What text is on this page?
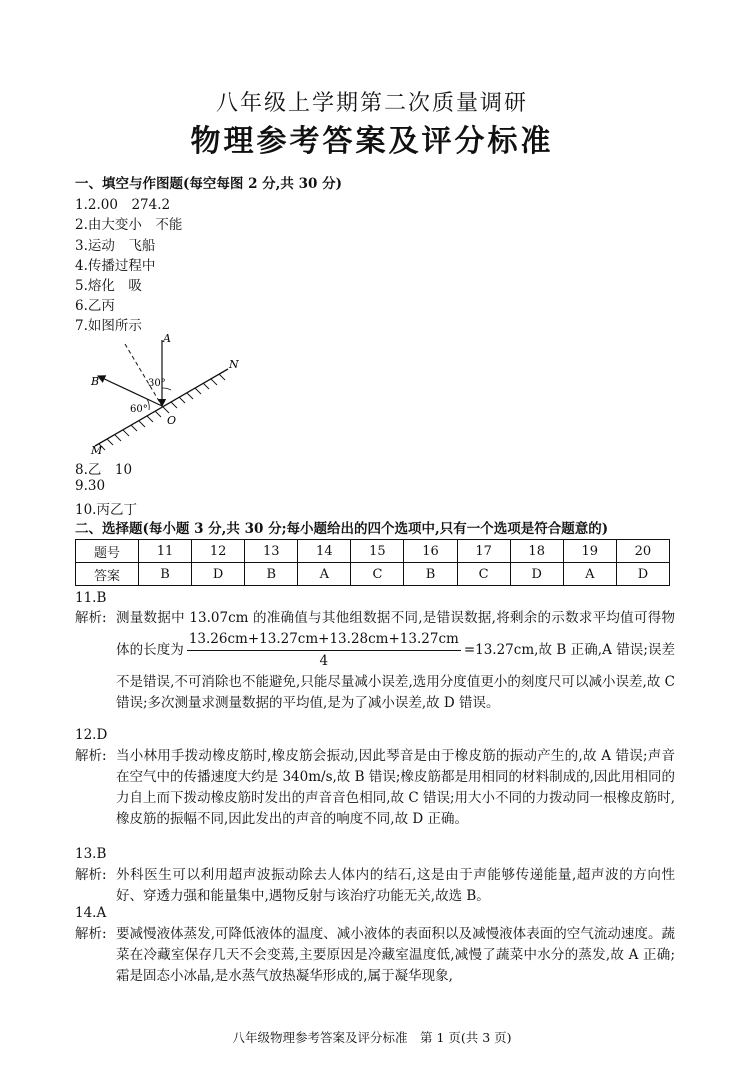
八年级上学期第二次质量调研
物理参考答案及评分标准
一、填空与作图题(每空每图 2 分,共 30 分)
1.2.00　274.2
2.由大变小　不能
3.运动　飞船
4.传播过程中
5.熔化　吸
6.乙丙
7.如图所示
A
B
O
M
N
30°
60°
8.乙　10
9.30
10.丙乙丁
二、选择题(每小题 3 分,共 30 分;每小题给出的四个选项中,只有一个选项是符合题意的)
题号	11	12	13	14	15	16	17	18	19	20
答案	B	D	B	A	C	B	C	D	A	D
11.B
解析: 测量数据中 13.07cm 的准确值与其他组数据不同,是错误数据,将剩余的示数求平均值可得物体的长度为 $\frac{13.26cm+13.27cm+13.28cm+13.27cm}{4} =13.27cm$,故 B 正确,A 错误;误差不是错误,不可消除也不能避免,只能尽量减小误差,选用分度值更小的刻度尺可以减小误差,故 C 错误;多次测量求测量数据的平均值,是为了减小误差,故 D 错误。
12.D
解析: 当小林用手拨动橡皮筋时,橡皮筋会振动,因此琴音是由于橡皮筋的振动产生的,故 A 错误;声音在空气中的传播速度大约是 340m/s,故 B 错误;橡皮筋都是用相同的材料制成的,因此用相同的力自上而下拨动橡皮筋时发出的声音音色相同,故 C 错误;用大小不同的力拨动同一根橡皮筋时,橡皮筋的振幅不同,因此发出的声音的响度不同,故 D 正确。
13.B
解析: 外科医生可以利用超声波振动除去人体内的结石,这是由于声能够传递能量,超声波的方向性好、穿透力强和能量集中,遇物反射与该治疗功能无关,故选 B。
14.A
解析: 要减慢液体蒸发,可降低液体的温度、减小液体的表面积以及减慢液体表面的空气流动速度。蔬菜在冷藏室保存几天不会变蔫,主要原因是冷藏室温度低,减慢了蔬菜中水分的蒸发,故 A 正确;霜是固态小冰晶,是水蒸气放热凝华形成的,属于凝华现象,
八年级物理参考答案及评分标准　第 1 页(共 3 页)
